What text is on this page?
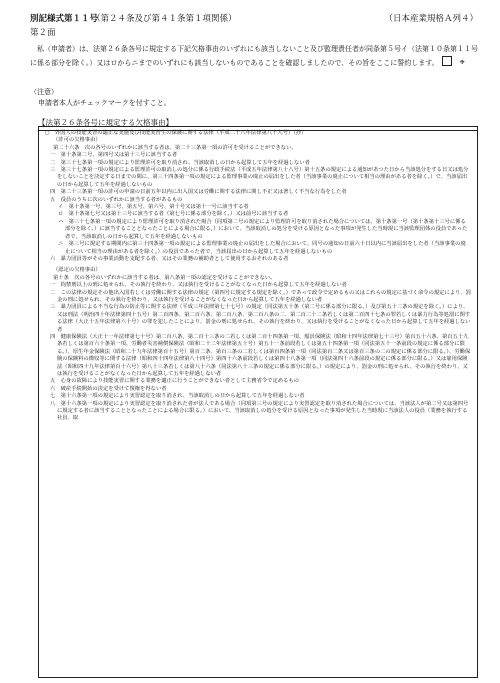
別記様式第１１号
（第２４条及び第４１条第１項関係）	（日本産業規格Ａ列４）
第２面

私（申請者）は、法第２６条各号に規定する下記欠格事由のいずれにも該当しないこと及び監理責任者が同条第５号イ（法第１０条第１１号に係る部分を除く。）又はロからニまでのいずれにも該当しないものであることを確認しましたので、その旨をここに誓約します。 ⌖

（注意）
申請者本人がチェックマークを付すこと。
【法第２６条各号に規定する欠格事由】

○　外国人の技能実習の適正な実施及び技能実習生の保護に関する法律（平成二十八年法律第八十九号）（抄）

（許可の欠格事由）

第二十六条　次の各号のいずれかに該当する者は、第二十三条第一項の許可を受けることができない。

一　第十条第二号、第四号又は第十三号に該当する者

二　第三十七条第一項の規定により監理許可を取り消され、当該取消しの日から起算して五年を経過しない者

三　第三十七条第一項の規定による監理許可の取消しの処分に係る行政手続法（平成五年法律第八十八号）第十五条の規定による通知があつた日から当該処分をする日又は処分をしないことを決定する日までの間に、第三十四条第一項の規定による監理事業の廃止の届出をした者（当該事業の廃止について相当の理由がある者を除く。）で、当該届出の日から起算して五年を経過しないもの

四　第二十三条第一項の許可の申請の日前五年以内に出入国又は労働に関する法律に関し不正又は著しく不当な行為をした者

五　役員のうちに次のいずれかに該当する者があるもの

イ　第十条第一号、第三号、第五号、第六号、第十号又は第十一号に該当する者

ロ　第十条第七号又は第十三号に該当する者（第七号に係る部分を除く。）又は前号に該当する者

ハ　第三十七条第一項の規定により監理許可を取り消された場合（同項第二号の規定により監理許可を取り消された場合については、第十条第一号（第十条第十三号に係る部分を除く。）に該当することとなったことによる場合に限る。）において、当該取消しの処分を受ける原因となった事項が発生した当時現に当該監理団体の役員であった者で、当該取消しの日から起算して五年を経過しないもの

ニ　第三号に規定する期間内に第三十四条第一項の規定による監理事業の廃止の届出をした場合において、同号の通知の日前六十日以内に当該届出をした者（当該事業の廃止について相当の理由がある者を除く。）の役員であった者で、当該届出の日から起算して五年を経過しないもの

六　暴力団員等がその事業活動を支配する者、又はその業務の補助者として使用するおそれのある者

（認定の欠格事由）

第十条　次の各号のいずれかに該当する者は、第八条第一項の認定を受けることができない。

一　拘禁刑以上の刑に処せられ、その執行を終わり、又は執行を受けることがなくなった日から起算して五年を経過しない者

二　この法律の規定その他出入国若しくは労働に関する法律の規定（第四号に規定する規定を除く。）であって政令で定めるもの又はこれらの規定に基づく命令の規定により、罰金の刑に処せられ、その執行を終わり、又は執行を受けることがなくなった日から起算して五年を経過しない者

三　暴力団員による不当な行為の防止等に関する法律（平成三年法律第七十七号）の規定（同法第五十条（第二号に係る部分に限る。）及び第五十二条の規定を除く。）により、又は刑法（明治四十年法律第四十五号）第二百四条、第二百六条、第二百八条、第二百八条の二、第二百二十二条若しくは第二百四十七条の罪若しくは暴力行為等処罰に関する法律（大正十五年法律第六十号）の罪を犯したことにより、罰金の刑に処せられ、その執行を終わり、又は執行を受けることがなくなった日から起算して五年を経過しない者

四　健康保険法（大正十一年法律第七十号）第二百八条、第二百十三条の二若しくは第二百十四条第一項、船員保険法（昭和十四年法律第七十三号）第百五十六条、第百五十九条若しくは第百六十条第一項、労働者災害補償保険法（昭和二十二年法律第五十号）第五十一条前段若しくは第五十四条第一項（同法第五十一条前段の規定に係る部分に限る。）、厚生年金保険法（昭和二十九年法律第百十五号）第百二条、第百三条の二若しくは第百四条第一項（同法第百二条又は第百三条の二の規定に係る部分に限る。）、労働保険の保険料の徴収等に関する法律（昭和四十四年法律第八十四号）第四十六条前段若しくは第四十八条第一項（同法第四十六条前段の規定に係る部分に限る。）又は雇用保険法（昭和四十九年法律第百十六号）第八十三条若しくは第八十六条（同法第八十三条の規定に係る部分に限る。）の規定により、罰金の刑に処せられ、その執行を終わり、又は執行を受けることがなくなった日から起算して五年を経過しない者

五　心身の故障により技能実習に関する業務を適正に行うことができない者として主務省令で定めるもの

六　破産手続開始の決定を受けて復権を得ない者

七　第十六条第一項の規定により実習認定を取り消され、当該取消しの日から起算して五年を経過しない者

八　第十六条第一項の規定により実習認定を取り消された者が法人である場合（同項第三号の規定により実習認定を取り消された場合については、当該法人が第二号又は第四号に規定する者に該当することとなったことによる場合に限る。）において、当該取消しの処分を受ける原因となった事項が発生した当時現に当該法人の役員（業務を執行する社員、取
